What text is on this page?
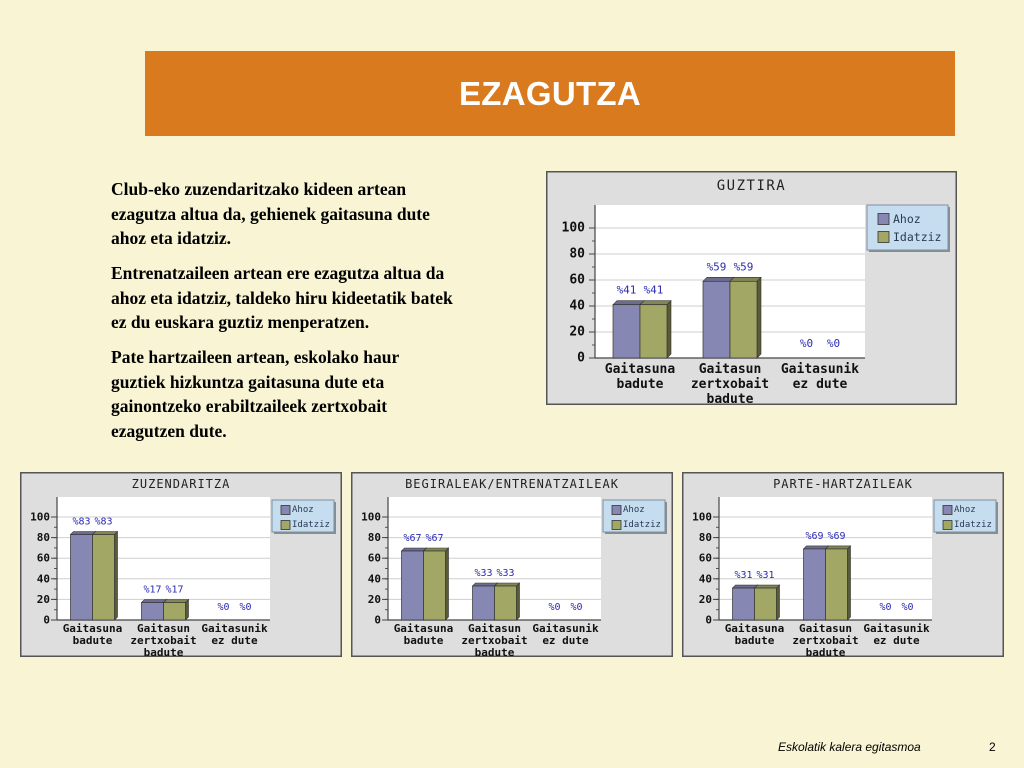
EZAGUTZA

Club-eko zuzendaritzako kideen artean
ezagutza altua da, gehienek gaitasuna dute
ahoz eta idatziz.

Entrenatzaileen artean ere ezagutza altua da
ahoz eta idatziz, taldeko hiru kideetatik batek
ez du euskara guztiz menperatzen.

Pate hartzaileen artean, eskolako haur
guztiek hizkuntza gaitasuna dute eta
gainontzeko erabiltzaileek zertxobait
ezagutzen dute.

GUZTIRA
0
20
40
60
80
100
Gaitasuna
badute
Gaitasun
zertxobait
badute
Gaitasunik
ez dute
%41 %41
%59 %59
%0 %0
Ahoz
Idatziz
ZUZENDARITZA
0
20
40
60
80
100
Gaitasuna
badute
Gaitasun
zertxobait
badute
Gaitasunik
ez dute
%83 %83
%17 %17
%0 %0
Ahoz
Idatziz
BEGIRALEAK/ENTRENATZAILEAK
0
20
40
60
80
100
Gaitasuna
badute
Gaitasun
zertxobait
badute
Gaitasunik
ez dute
%67 %67
%33 %33
%0 %0
Ahoz
Idatziz
PARTE-HARTZAILEAK
0
20
40
60
80
100
Gaitasuna
badute
Gaitasun
zertxobait
badute
Gaitasunik
ez dute
%31 %31
%69 %69
%0 %0
Ahoz
Idatziz
Eskolatik kalera egitasmoa	2
